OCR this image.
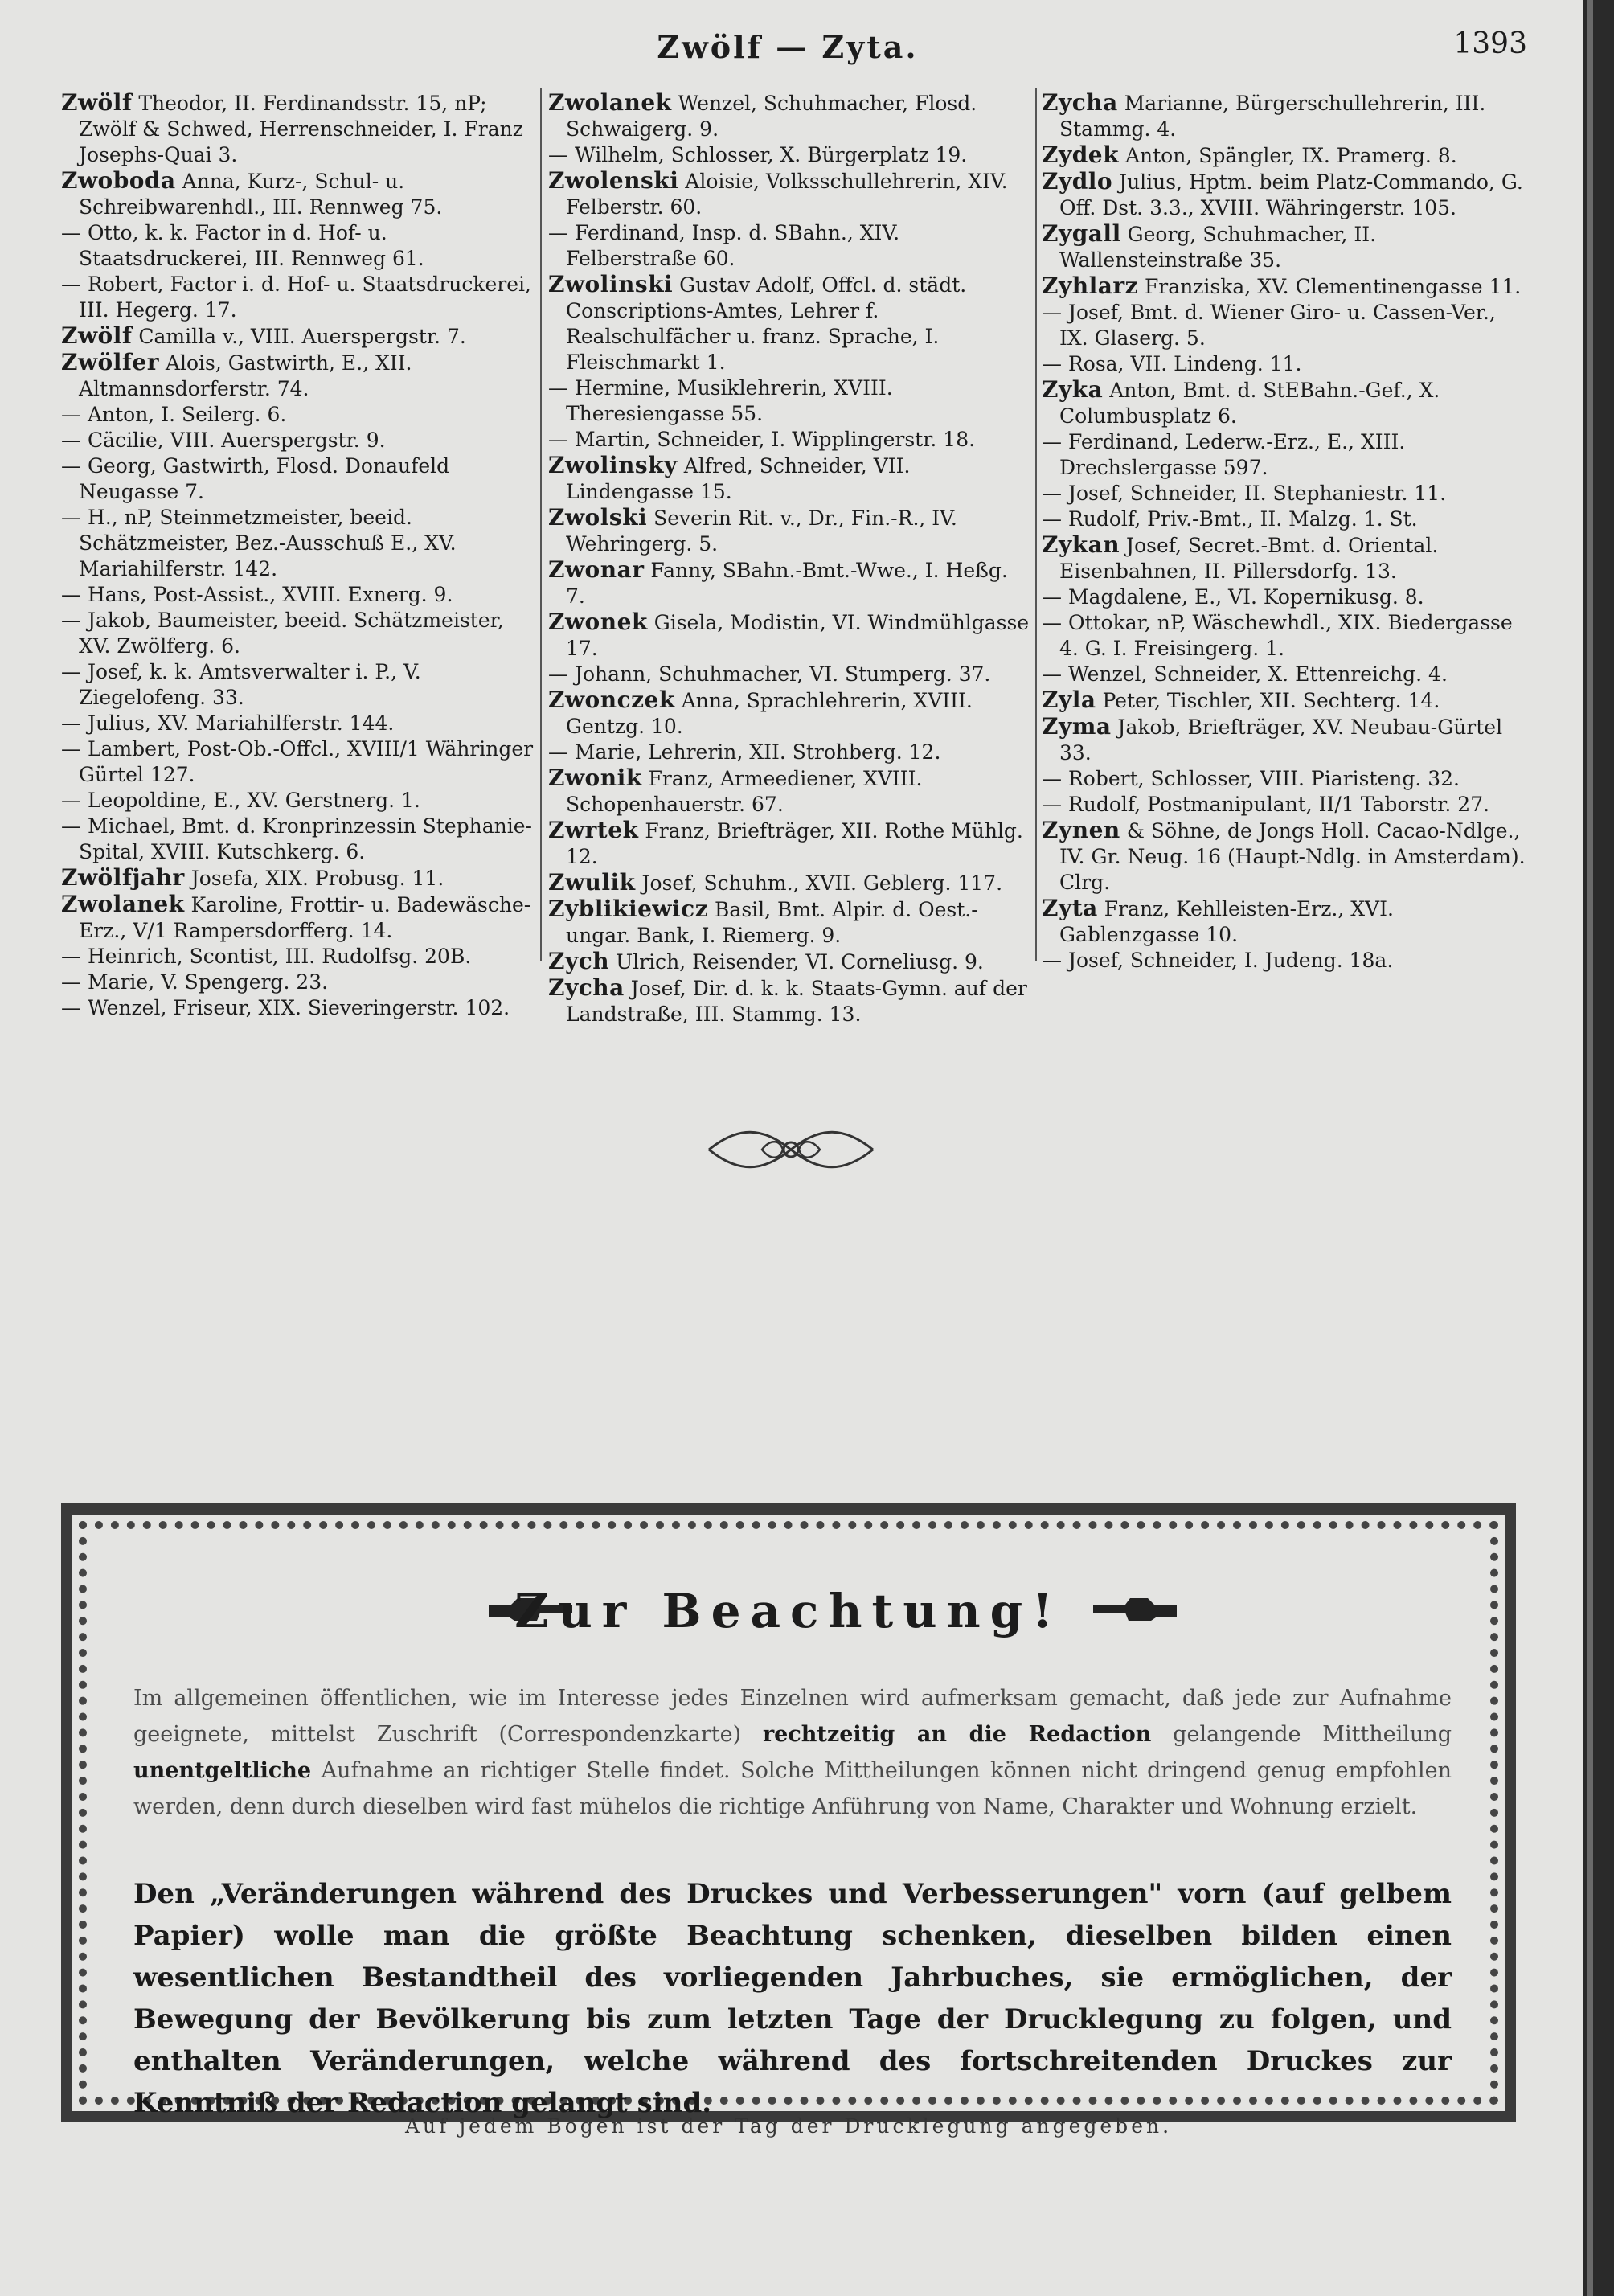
Zwölf — Zyta.	1393

Zwölf Theodor, II. Ferdinandsstr. 15, nP; Zwölf & Schwed, Herrenschneider, I. Franz Josephs-Quai 3.

Zwoboda Anna, Kurz-, Schul- u. Schreibwarenhdl., III. Rennweg 75.

— Otto, k. k. Factor in d. Hof- u. Staatsdruckerei, III. Rennweg 61.

— Robert, Factor i. d. Hof- u. Staatsdruckerei, III. Hegerg. 17.

Zwölf Camilla v., VIII. Auerspergstr. 7.

Zwölfer Alois, Gastwirth, E., XII. Altmannsdorferstr. 74.

— Anton, I. Seilerg. 6.

— Cäcilie, VIII. Auerspergstr. 9.

— Georg, Gastwirth, Flosd. Donaufeld Neugasse 7.

— H., nP, Steinmetzmeister, beeid. Schätzmeister, Bez.-Ausschuß E., XV. Mariahilferstr. 142.

— Hans, Post-Assist., XVIII. Exnerg. 9.

— Jakob, Baumeister, beeid. Schätzmeister, XV. Zwölferg. 6.

— Josef, k. k. Amtsverwalter i. P., V. Ziegelofeng. 33.

— Julius, XV. Mariahilferstr. 144.

— Lambert, Post-Ob.-Offcl., XVIII/1 Währinger Gürtel 127.

— Leopoldine, E., XV. Gerstnerg. 1.

— Michael, Bmt. d. Kronprinzessin Stephanie-Spital, XVIII. Kutschkerg. 6.

Zwölfjahr Josefa, XIX. Probusg. 11.

Zwolanek Karoline, Frottir- u. Badewäsche-Erz., V/1 Rampersdorfferg. 14.

— Heinrich, Scontist, III. Rudolfsg. 20B.

— Marie, V. Spengerg. 23.

— Wenzel, Friseur, XIX. Sieveringerstr. 102.

Zwolanek Wenzel, Schuhmacher, Flosd. Schwaigerg. 9.

— Wilhelm, Schlosser, X. Bürgerplatz 19.

Zwolenski Aloisie, Volksschullehrerin, XIV. Felberstr. 60.

— Ferdinand, Insp. d. SBahn., XIV. Felberstraße 60.

Zwolinski Gustav Adolf, Offcl. d. städt. Conscriptions-Amtes, Lehrer f. Realschulfächer u. franz. Sprache, I. Fleischmarkt 1.

— Hermine, Musiklehrerin, XVIII. Theresiengasse 55.

— Martin, Schneider, I. Wipplingerstr. 18.

Zwolinsky Alfred, Schneider, VII. Lindengasse 15.

Zwolski Severin Rit. v., Dr., Fin.-R., IV. Wehringerg. 5.

Zwonar Fanny, SBahn.-Bmt.-Wwe., I. Heßg. 7.

Zwonek Gisela, Modistin, VI. Windmühlgasse 17.

— Johann, Schuhmacher, VI. Stumperg. 37.

Zwonczek Anna, Sprachlehrerin, XVIII. Gentzg. 10.

— Marie, Lehrerin, XII. Strohberg. 12.

Zwonik Franz, Armeediener, XVIII. Schopenhauerstr. 67.

Zwrtek Franz, Briefträger, XII. Rothe Mühlg. 12.

Zwulik Josef, Schuhm., XVII. Geblerg. 117.

Zyblikiewicz Basil, Bmt. Alpir. d. Oest.-ungar. Bank, I. Riemerg. 9.

Zych Ulrich, Reisender, VI. Corneliusg. 9.

Zycha Josef, Dir. d. k. k. Staats-Gymn. auf der Landstraße, III. Stammg. 13.

Zycha Marianne, Bürgerschullehrerin, III. Stammg. 4.

Zydek Anton, Spängler, IX. Pramerg. 8.

Zydlo Julius, Hptm. beim Platz-Commando, G. Off. Dst. 3.3., XVIII. Währingerstr. 105.

Zygall Georg, Schuhmacher, II. Wallensteinstraße 35.

Zyhlarz Franziska, XV. Clementinengasse 11.

— Josef, Bmt. d. Wiener Giro- u. Cassen-Ver., IX. Glaserg. 5.

— Rosa, VII. Lindeng. 11.

Zyka Anton, Bmt. d. StEBahn.-Gef., X. Columbusplatz 6.

— Ferdinand, Lederw.-Erz., E., XIII. Drechslergasse 597.

— Josef, Schneider, II. Stephaniestr. 11.

— Rudolf, Priv.-Bmt., II. Malzg. 1. St.

Zykan Josef, Secret.-Bmt. d. Oriental. Eisenbahnen, II. Pillersdorfg. 13.

— Magdalene, E., VI. Kopernikusg. 8.

— Ottokar, nP, Wäschewhdl., XIX. Biedergasse 4. G. I. Freisingerg. 1.

— Wenzel, Schneider, X. Ettenreichg. 4.

Zyla Peter, Tischler, XII. Sechterg. 14.

Zyma Jakob, Briefträger, XV. Neubau-Gürtel 33.

— Robert, Schlosser, VIII. Piaristeng. 32.

— Rudolf, Postmanipulant, II/1 Taborstr. 27.

Zynen & Söhne, de Jongs Holl. Cacao-Ndlge., IV. Gr. Neug. 16 (Haupt-Ndlg. in Amsterdam). Clrg.

Zyta Franz, Kehlleisten-Erz., XVI. Gablenzgasse 10.

— Josef, Schneider, I. Judeng. 18a.

Zur Beachtung!
Im allgemeinen öffentlichen, wie im Interesse jedes Einzelnen wird aufmerksam gemacht, daß jede zur Aufnahme geeignete, mittelst Zuschrift (Correspondenzkarte) rechtzeitig an die Redaction gelangende Mittheilung unentgeltliche Aufnahme an richtiger Stelle findet. Solche Mittheilungen können nicht dringend genug empfohlen werden, denn durch dieselben wird fast mühelos die richtige Anführung von Name, Charakter und Wohnung erzielt.
Den „Veränderungen während des Druckes und Verbesserungen" vorn (auf gelbem Papier) wolle man die größte Beachtung schenken, dieselben bilden einen wesentlichen Bestandtheil des vorliegenden Jahrbuches, sie ermöglichen, der Bewegung der Bevölkerung bis zum letzten Tage der Drucklegung zu folgen, und enthalten Veränderungen, welche während des fortschreitenden Druckes zur Kenntniß der Redaction gelangt sind.
Auf jedem Bogen ist der Tag der Drucklegung angegeben.
